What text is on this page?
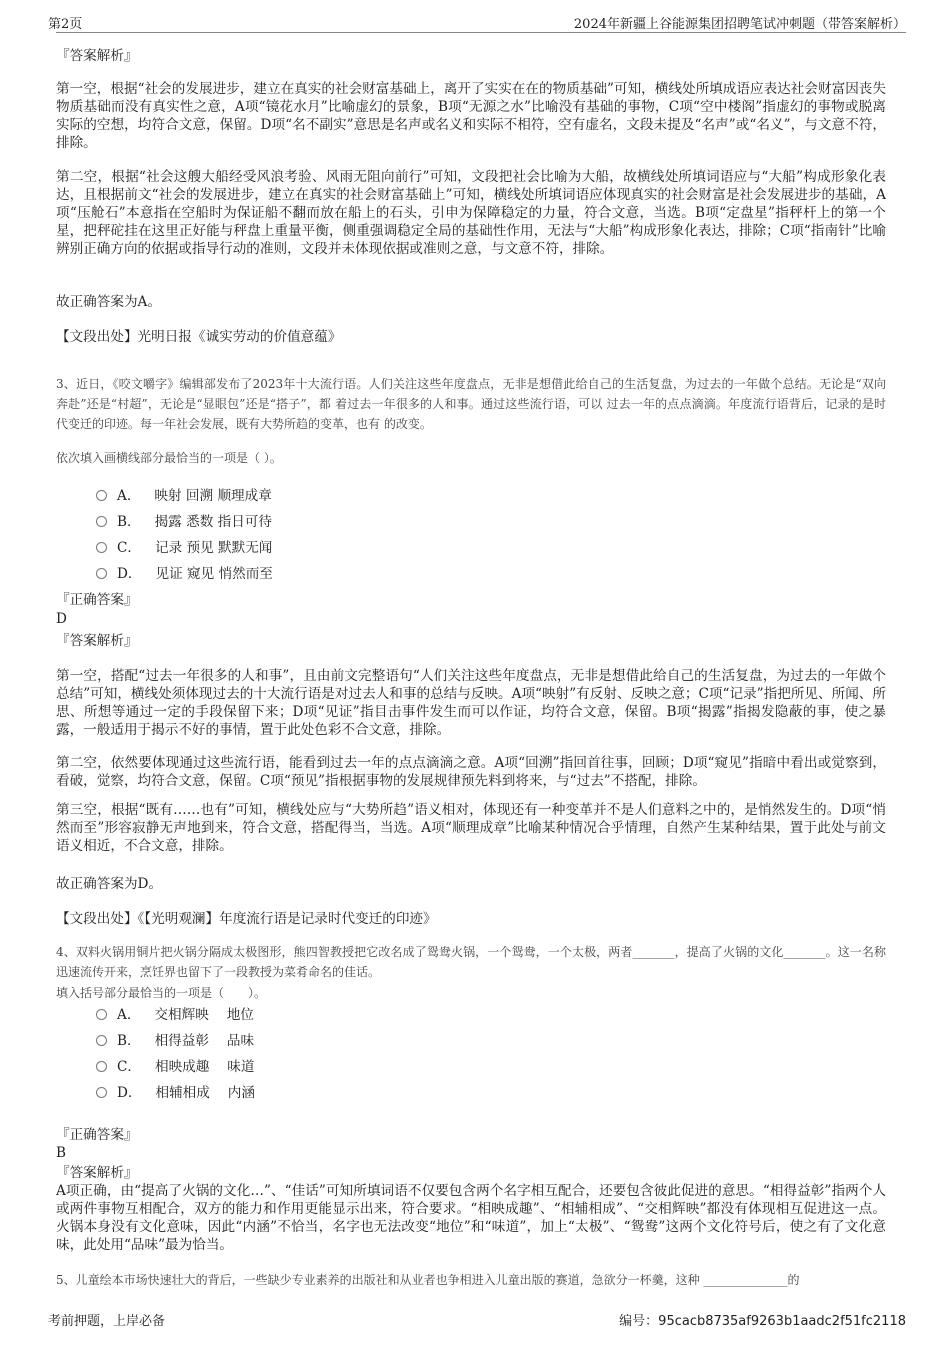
第2页	2024年新疆上谷能源集团招聘笔试冲刺题（带答案解析）
『答案解析』
第一空，根据“社会的发展进步，建立在真实的社会财富基础上，离开了实实在在的物质基础”可知，横线处所填成语应表达社会财富因丧失物质基础而没有真实性之意，A项“镜花水月”比喻虚幻的景象，B项“无源之水”比喻没有基础的事物，C项“空中楼阁”指虚幻的事物或脱离实际的空想，均符合文意，保留。D项“名不副实”意思是名声或名义和实际不相符，空有虚名，文段未提及“名声”或“名义”，与文意不符，排除。
第二空，根据“社会这艘大船经受风浪考验、风雨无阻向前行”可知，文段把社会比喻为大船，故横线处所填词语应与“大船”构成形象化表达，且根据前文“社会的发展进步，建立在真实的社会财富基础上”可知，横线处所填词语应体现真实的社会财富是社会发展进步的基础，A项“压舱石”本意指在空船时为保证船不翻而放在船上的石头，引申为保障稳定的力量，符合文意，当选。B项“定盘星”指秤杆上的第一个星，把秤砣挂在这里正好能与秤盘上重量平衡，侧重强调稳定全局的基础性作用，无法与“大船”构成形象化表达，排除；C项“指南针”比喻辨别正确方向的依据或指导行动的准则，文段并未体现依据或准则之意，与文意不符，排除。
故正确答案为A。
【文段出处】光明日报《诚实劳动的价值意蕴》
3、近日，《咬文嚼字》编辑部发布了2023年十大流行语。人们关注这些年度盘点，无非是想借此给自己的生活复盘，为过去的一年做个总结。无论是“双向奔赴”还是“村超”，无论是“显眼包”还是“搭子”，都 着过去一年很多的人和事。通过这些流行语，可以 过去一年的点点滴滴。年度流行语背后，记录的是时代变迁的印迹。每一年社会发展，既有大势所趋的变革，也有 的改变。
依次填入画横线部分最恰当的一项是（ ）。
A． 映射 回溯 顺理成章
B． 揭露 悉数 指日可待
C． 记录 预见 默默无闻
D． 见证 窥见 悄然而至
『正确答案』
D
『答案解析』
第一空，搭配“过去一年很多的人和事”，且由前文完整语句“人们关注这些年度盘点，无非是想借此给自己的生活复盘，为过去的一年做个总结”可知，横线处须体现过去的十大流行语是对过去人和事的总结与反映。A项“映射”有反射、反映之意；C项“记录”指把所见、所闻、所思、所想等通过一定的手段保留下来；D项“见证”指目击事件发生而可以作证，均符合文意，保留。B项“揭露”指揭发隐蔽的事，使之暴露，一般适用于揭示不好的事情，置于此处色彩不合文意，排除。
第二空，依然要体现通过这些流行语，能看到过去一年的点点滴滴之意。A项“回溯”指回首往事，回顾；D项“窥见”指暗中看出或觉察到，看破，觉察，均符合文意，保留。C项“预见”指根据事物的发展规律预先料到将来，与“过去”不搭配，排除。
第三空，根据“既有……也有”可知，横线处应与“大势所趋”语义相对，体现还有一种变革并不是人们意料之中的，是悄然发生的。D项“悄然而至”形容寂静无声地到来，符合文意，搭配得当，当选。A项“顺理成章”比喻某种情况合乎情理，自然产生某种结果，置于此处与前文语义相近，不合文意，排除。
故正确答案为D。
【文段出处】《【光明观澜】年度流行语是记录时代变迁的印迹》
4、双料火锅用铜片把火锅分隔成太极图形，熊四智教授把它改名成了鸳鸯火锅，一个鸳鸯，一个太极，两者_______，提高了火锅的文化_______。这一名称迅速流传开来，烹饪界也留下了一段教授为菜肴命名的佳话。
填入括号部分最恰当的一项是（　　）。
A． 交相辉映　 地位
B． 相得益彰　 品味
C． 相映成趣　 味道
D． 相辅相成　 内涵
『正确答案』
B
『答案解析』
A项正确，由“提高了火锅的文化…”、“佳话”可知所填词语不仅要包含两个名字相互配合，还要包含彼此促进的意思。“相得益彰”指两个人或两件事物互相配合，双方的能力和作用更能显示出来，符合要求。“相映成趣”、“相辅相成”、“交相辉映”都没有体现相互促进这一点。火锅本身没有文化意味，因此“内涵”不恰当，名字也无法改变“地位”和“味道”，加上“太极”、“鸳鸯”这两个文化符号后，使之有了文化意味，此处用“品味”最为恰当。
5、儿童绘本市场快速壮大的背后，一些缺少专业素养的出版社和从业者也争相进入儿童出版的赛道，急欲分一杯羹，这种 ______________的
考前押题，上岸必备	编号：95cacb8735af9263b1aadc2f51fc2118
